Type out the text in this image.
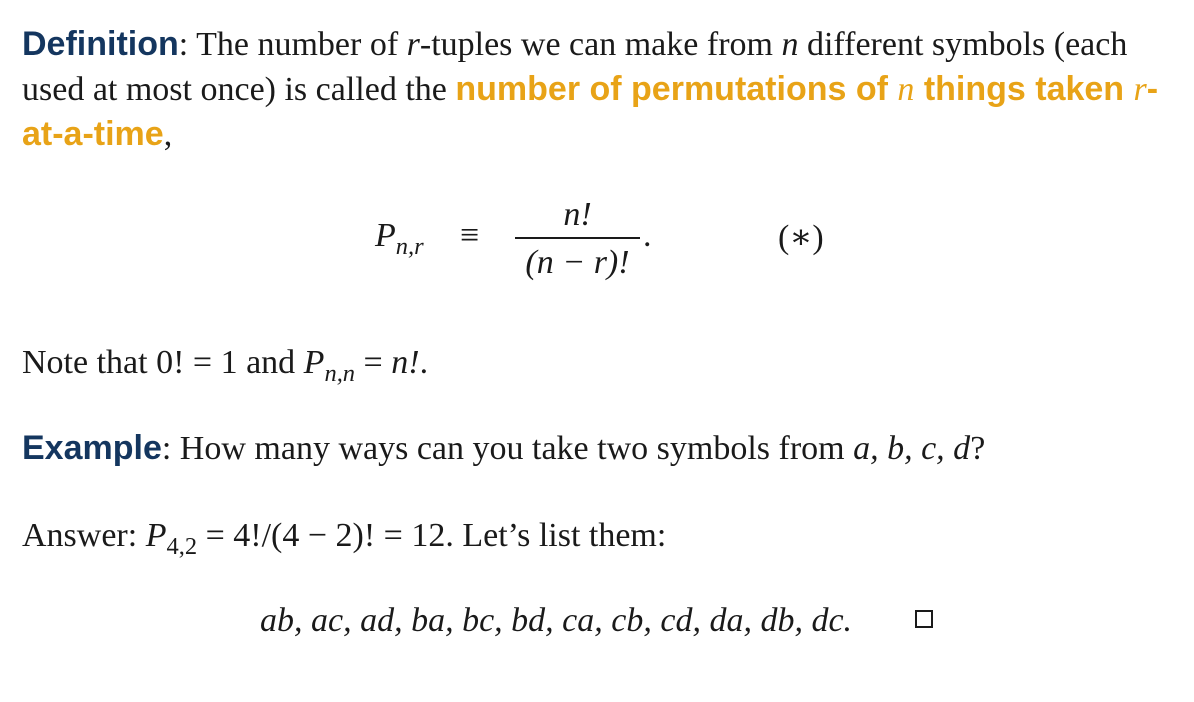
Definition: The number of r-tuples we can make from n different symbols (each used at most once) is called the number of permutations of n things taken r-at-a-time,
$P_{n,r}$ ≡
n!
(n − r)!
.	(∗)
Note that 0! = 1 and $P_{n,n} = n$!.
Example: How many ways can you take two symbols from a, b, c, d?
Answer: $P_{4,2} = 4!/(4 - 2)$! = 12. Let’s list them:
ab, ac, ad, ba, bc, bd, ca, cb, cd, da, db, dc.
